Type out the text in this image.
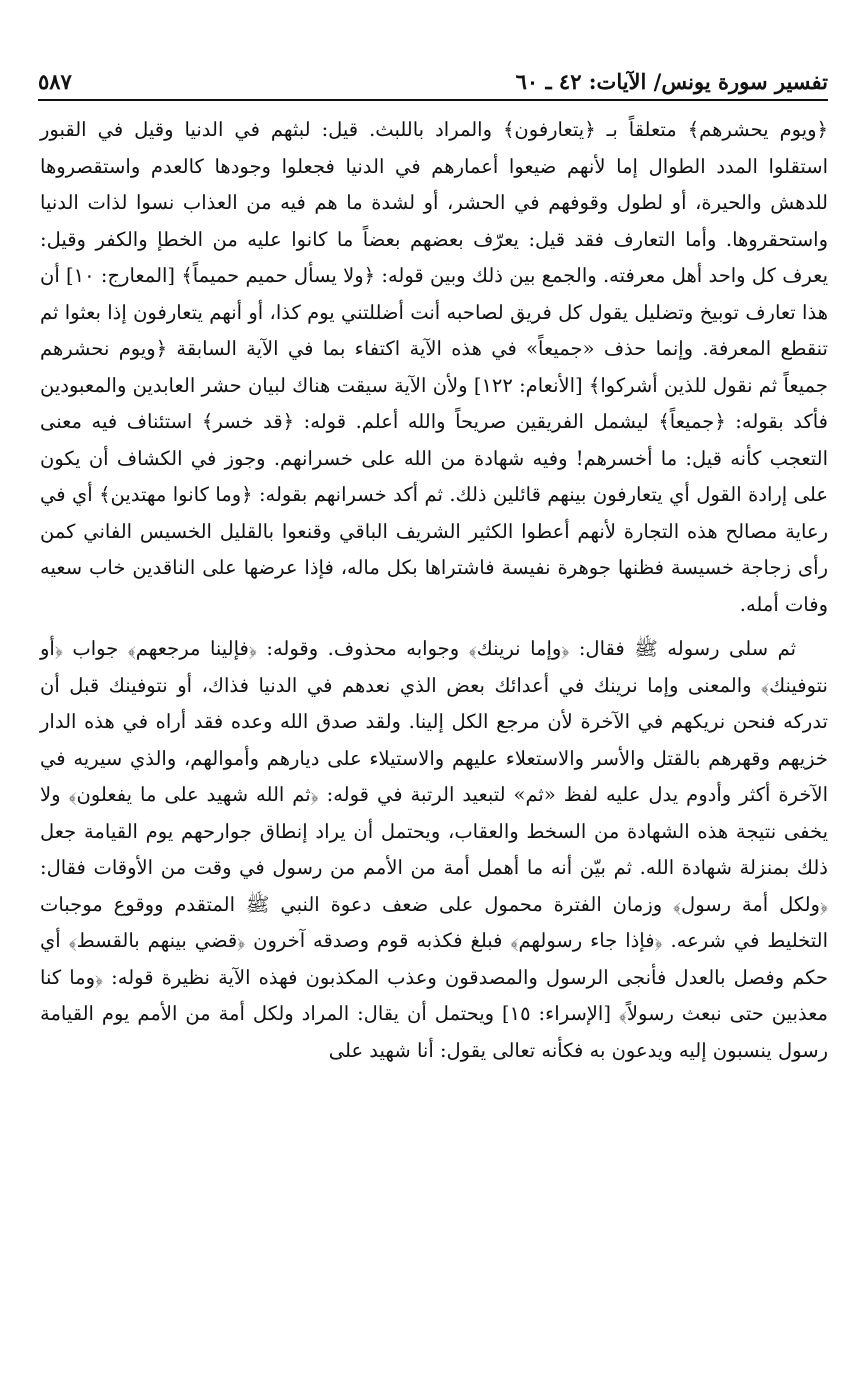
تفسير سورة يونس/ الآيات: ٤٢ ـ ٦٠
٥٨٧

﴿ويوم يحشرهم﴾ متعلقاً بـ ﴿يتعارفون﴾ والمراد باللبث. قيل: لبثهم في الدنيا وقيل في القبور استقلوا المدد الطوال إما لأنهم ضيعوا أعمارهم في الدنيا فجعلوا وجودها كالعدم واستقصروها للدهش والحيرة، أو لطول وقوفهم في الحشر، أو لشدة ما هم فيه من العذاب نسوا لذات الدنيا واستحقروها. وأما التعارف فقد قيل: يعرّف بعضهم بعضاً ما كانوا عليه من الخطإ والكفر وقيل: يعرف كل واحد أهل معرفته. والجمع بين ذلك وبين قوله: ﴿ولا يسأل حميم حميماً﴾ [المعارج: ١٠] أن هذا تعارف توبيخ وتضليل يقول كل فريق لصاحبه أنت أضللتني يوم كذا، أو أنهم يتعارفون إذا بعثوا ثم تنقطع المعرفة. وإنما حذف «جميعاً» في هذه الآية اكتفاء بما في الآية السابقة ﴿ويوم نحشرهم جميعاً ثم نقول للذين أشركوا﴾ [الأنعام: ١٢٢] ولأن الآية سيقت هناك لبيان حشر العابدين والمعبودين فأكد بقوله: ﴿جميعاً﴾ ليشمل الفريقين صريحاً والله أعلم. قوله: ﴿قد خسر﴾ استئناف فيه معنى التعجب كأنه قيل: ما أخسرهم! وفيه شهادة من الله على خسرانهم. وجوز في الكشاف أن يكون على إرادة القول أي يتعارفون بينهم قائلين ذلك. ثم أكد خسرانهم بقوله: ﴿وما كانوا مهتدين﴾ أي في رعاية مصالح هذه التجارة لأنهم أعطوا الكثير الشريف الباقي وقنعوا بالقليل الخسيس الفاني كمن رأى زجاجة خسيسة فظنها جوهرة نفيسة فاشتراها بكل ماله، فإذا عرضها على الناقدين خاب سعيه وفات أمله.

ثم سلى رسوله ﷺ فقال: ﴿وإما نرينك﴾ وجوابه محذوف. وقوله: ﴿فإلينا مرجعهم﴾ جواب ﴿أو نتوفينك﴾ والمعنى وإما نرينك في أعدائك بعض الذي نعدهم في الدنيا فذاك، أو نتوفينك قبل أن تدركه فنحن نريكهم في الآخرة لأن مرجع الكل إلينا. ولقد صدق الله وعده فقد أراه في هذه الدار خزيهم وقهرهم بالقتل والأسر والاستعلاء عليهم والاستيلاء على ديارهم وأموالهم، والذي سيريه في الآخرة أكثر وأدوم يدل عليه لفظ «ثم» لتبعيد الرتبة في قوله: ﴿ثم الله شهيد على ما يفعلون﴾ ولا يخفى نتيجة هذه الشهادة من السخط والعقاب، ويحتمل أن يراد إنطاق جوارحهم يوم القيامة جعل ذلك بمنزلة شهادة الله. ثم بيّن أنه ما أهمل أمة من الأمم من رسول في وقت من الأوقات فقال: ﴿ولكل أمة رسول﴾ وزمان الفترة محمول على ضعف دعوة النبي ﷺ المتقدم ووقوع موجبات التخليط في شرعه. ﴿فإذا جاء رسولهم﴾ فبلغ فكذبه قوم وصدقه آخرون ﴿قضي بينهم بالقسط﴾ أي حكم وفصل بالعدل فأنجى الرسول والمصدقون وعذب المكذبون فهذه الآية نظيرة قوله: ﴿وما كنا معذبين حتى نبعث رسولاً﴾ [الإسراء: ١٥] ويحتمل أن يقال: المراد ولكل أمة من الأمم يوم القيامة رسول ينسبون إليه ويدعون به فكأنه تعالى يقول: أنا شهيد على
